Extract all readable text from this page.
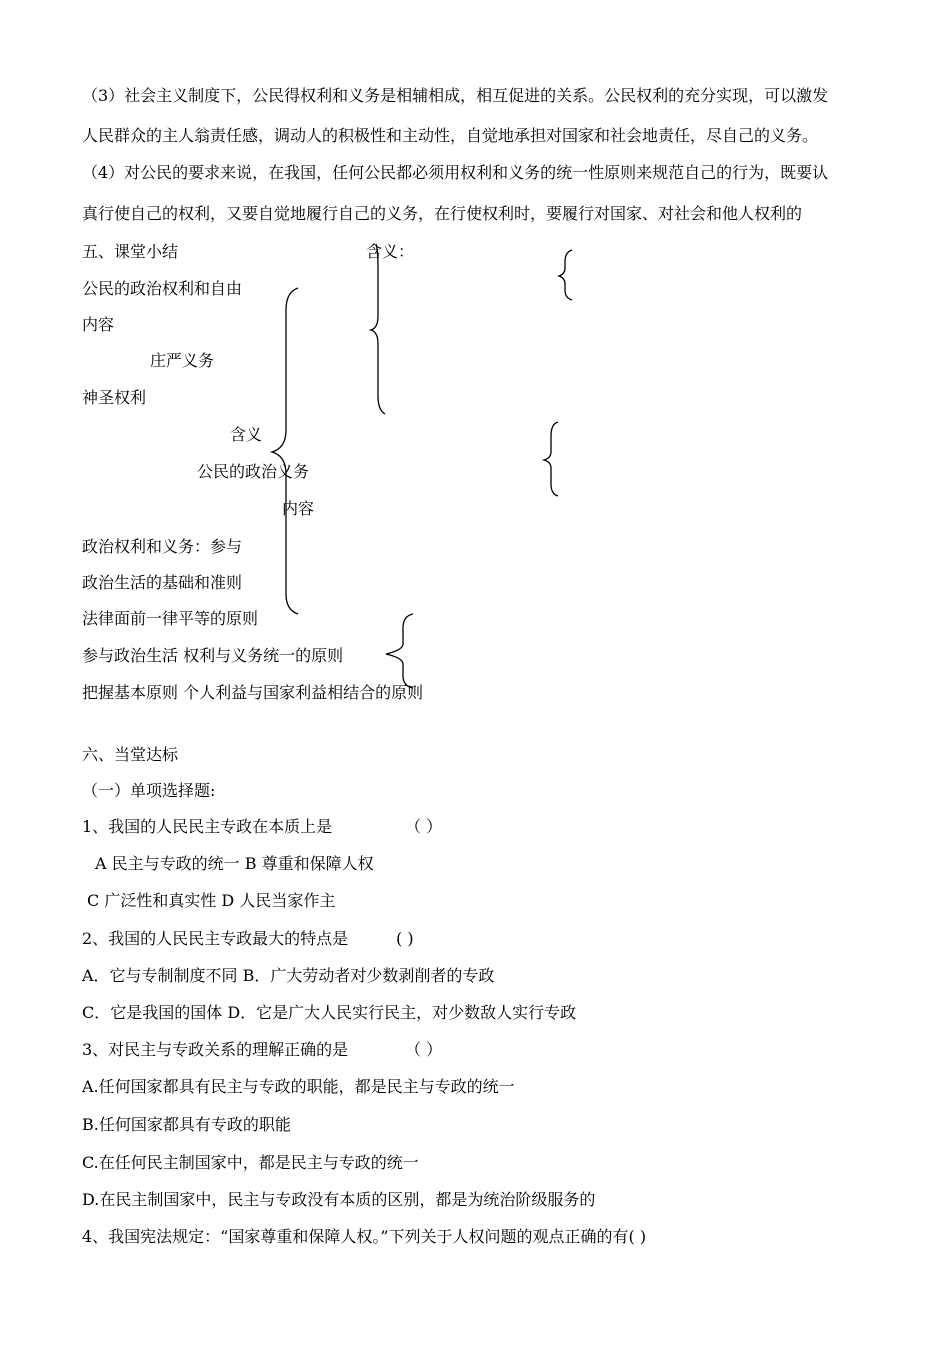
（3）社会主义制度下，公民得权利和义务是相辅相成，相互促进的关系。公民权利的充分实现，可以激发
人民群众的主人翁责任感，调动人的积极性和主动性，自觉地承担对国家和社会地责任，尽自己的义务。
（4）对公民的要求来说，在我国，任何公民都必须用权利和义务的统一性原则来规范自己的行为，既要认
真行使自己的权利，又要自觉地履行自己的义务，在行使权利时，要履行对国家、对社会和他人权利的
五、课堂小结	含义：
公民的政治权利和自由
内容
庄严义务
神圣权利
含义
公民的政治义务
内容
政治权利和义务：参与
政治生活的基础和准则
法律面前一律平等的原则
参与政治生活 权利与义务统一的原则
把握基本原则 个人利益与国家利益相结合的原则
六、当堂达标
（一）单项选择题:
1、我国的人民民主专政在本质上是	（ ）
A 民主与专政的统一 B 尊重和保障人权
C 广泛性和真实性 D 人民当家作主
2、我国的人民民主专政最大的特点是	( )
A．它与专制制度不同 B．广大劳动者对少数剥削者的专政
C．它是我国的国体 D．它是广大人民实行民主，对少数敌人实行专政
3、对民主与专政关系的理解正确的是	（ ）
A.任何国家都具有民主与专政的职能，都是民主与专政的统一
B.任何国家都具有专政的职能
C.在任何民主制国家中，都是民主与专政的统一
D.在民主制国家中，民主与专政没有本质的区别，都是为统治阶级服务的
4、我国宪法规定：“国家尊重和保障人权。”下列关于人权问题的观点正确的有( )
